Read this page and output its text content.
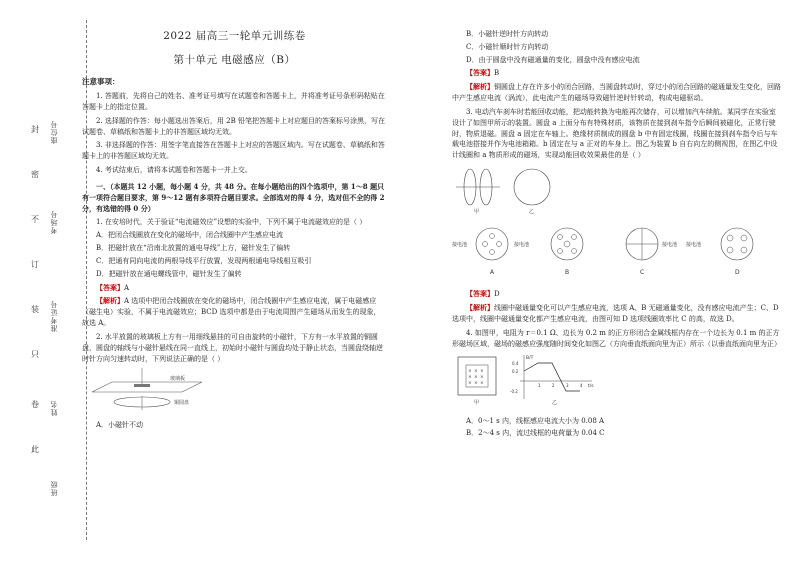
封
密
不
订
装
只
卷
此
座位号
考场号
准考证号
姓名
班级
2022 届高三一轮单元训练卷
第十单元 电磁感应（B）
注意事项：

1. 答题前，先将自己的姓名、准考证号填写在试题卷和答题卡上，并将准考证号条形码粘贴在答题卡上的指定位置。

2. 选择题的作答：每小题选出答案后，用 2B 铅笔把答题卡上对应题目的答案标号涂黑，写在试题卷、草稿纸和答题卡上的非答题区域均无效。

3. 非选择题的作答：用签字笔直接答在答题卡上对应的答题区域内。写在试题卷、草稿纸和答题卡上的非答题区域均无效。

4. 考试结束后，请将本试题卷和答题卡一并上交。

一、（本题共 12 小题，每小题 4 分，共 48 分。在每小题给出的四个选项中，第 1～8 题只有一项符合题目要求，第 9～12 题有多项符合题目要求。全部选对的得 4 分，选对但不全的得 2 分，有选错的得 0 分）

1. 在安培时代，关于验证“电流磁效应”设想的实验中，下列不属于电流磁效应的是（ ）

A．把闭合线圈放在变化的磁场中，闭合线圈中产生感应电流
B．把磁针放在“沿南北放置的通电导线”上方，磁针发生了偏转
C．把通有同向电流的两根导线平行放置，发现两根通电导线相互吸引
D．把磁针放在通电螺线管中，磁针发生了偏转
【答案】A

【解析】A 选项中把闭合线圈放在变化的磁场中，闭合线圈中产生感应电流，属于电磁感应（磁生电）实验，不属于电流磁效应；BCD 选项中都是由于电流周围产生磁场从而发生的现象，故选 A。

2. 水平放置的玻璃板上方有一用细线悬挂的可自由旋转的小磁针，下方有一水平放置的铜圆盘，圆盘的轴线与小磁针悬线在同一直线上，初始时小磁针与圆盘均处于静止状态，当圆盘绕轴逆时针方向匀速转动时，下列说法正确的是（ ）

玻璃板
铜圆盘
A．小磁针不动
B．小磁针逆时针方向转动
C．小磁针顺时针方向转动
D．由于圆盘中没有磁通量的变化，圆盘中没有感应电流
【答案】B

【解析】铜圆盘上存在许多小的闭合回路，当圆盘转动时，穿过小的闭合回路的磁通量发生变化，回路中产生感应电流（涡流），此电流产生的磁场导致磁针逆时针转动，构成电磁驱动。

3. 电动汽车刹车时若能回收动能，把动能转换为电能再次储存，可以增加汽车续航。某同学在实验室设计了如图甲所示的装置。圆盘 a 上面分布有特殊材质，该物质在接到刹车指令后瞬间被磁化，正常行驶时，物质退磁。圆盘 a 固定在车轴上。绝缘材质制成的圆盘 b 中有固定线圈，线圈在接到刹车指令后与车载电池搭接并作为电池箱箱。b 固定在与 a 正对的车身上。图乙为装置 b 自右向左的侧视图，在图乙中设计线圈和 a 物质形成的磁场，实现动能回收效果最佳的是（ ）

甲	乙
接电池
A
接电池
B
接电池
C
接电池
D
【答案】D

【解析】线圈中磁通量变化可以产生感应电流，选项 A、B 无磁通量变化，没有感应电流产生；C、D 选项中，线圈中磁通量变化都产生感应电流，由图可知 D 选项线圈效率比 C 的高，故选 D。

4. 如图甲，电阻为 r＝0.1 Ω、边长为 0.2 m 的正方形闭合金属线框内存在一个边长为 0.1 m 的正方形磁场区域，磁场的磁感应强度随时间变化如图乙（方向垂直纸面向里为正）所示（以垂直纸面向里为正）

× × ×
× × ×
× × ×
甲
B/T
t/s
0.4
0.2
-0.2
1	2	3	4
乙
A．0～1 s 内，线框感应电流大小为 0.08 A
B．2～4 s 内，流过线框的电荷量为 0.04 C
